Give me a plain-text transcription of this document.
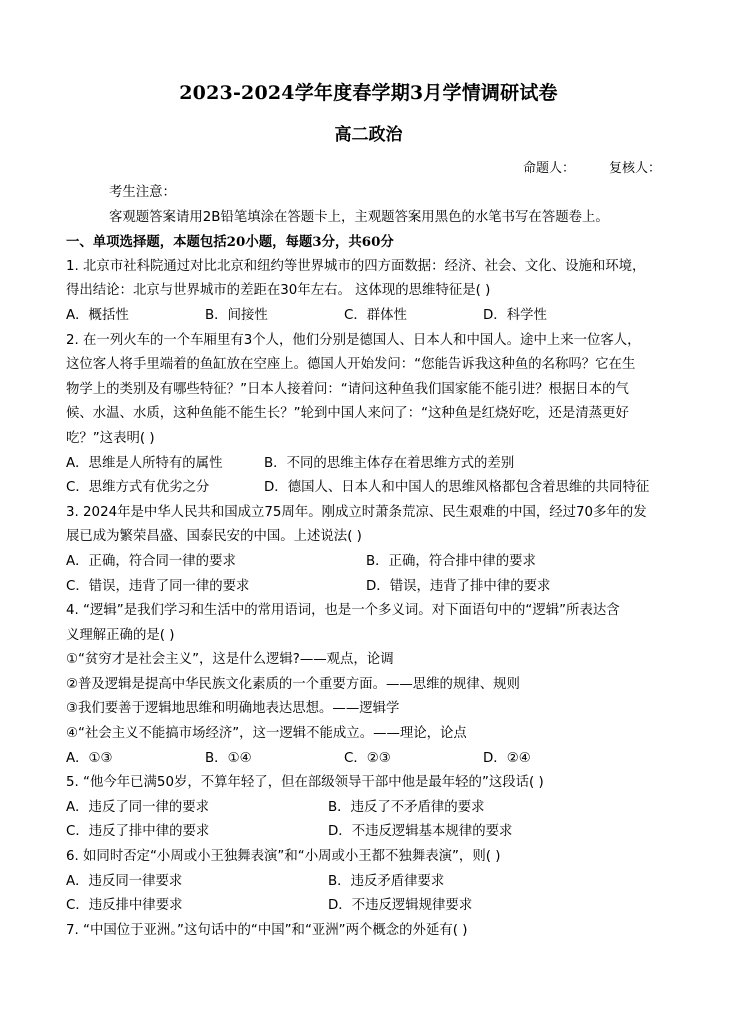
2023-2024学年度春学期3月学情调研试卷
高二政治
命题人：	复核人：
考生注意：
客观题答案请用2B铅笔填涂在答题卡上，主观题答案用黑色的水笔书写在答题卷上。
一、单项选择题，本题包括20小题，每题3分，共60分
1. 北京市社科院通过对比北京和纽约等世界城市的四方面数据：经济、社会、文化、设施和环境，
得出结论：北京与世界城市的差距在30年左右。 这体现的思维特征是( )
A．概括性	B．间接性	C．群体性	D．科学性
2. 在一列火车的一个车厢里有3个人，他们分别是德国人、日本人和中国人。途中上来一位客人，
这位客人将手里端着的鱼缸放在空座上。德国人开始发问：“您能告诉我这种鱼的名称吗？它在生
物学上的类别及有哪些特征？”日本人接着问：“请问这种鱼我们国家能不能引进？根据日本的气
候、水温、水质，这种鱼能不能生长？”轮到中国人来问了：“这种鱼是红烧好吃，还是清蒸更好
吃？”这表明( )
A．思维是人所特有的属性	B．不同的思维主体存在着思维方式的差别
C．思维方式有优劣之分	D．德国人、日本人和中国人的思维风格都包含着思维的共同特征
3. 2024年是中华人民共和国成立75周年。刚成立时萧条荒凉、民生艰难的中国，经过70多年的发
展已成为繁荣昌盛、国泰民安的中国。上述说法( )
A．正确，符合同一律的要求	B．正确，符合排中律的要求
C．错误，违背了同一律的要求	D．错误，违背了排中律的要求
4. “逻辑”是我们学习和生活中的常用语词，也是一个多义词。对下面语句中的“逻辑”所表达含
义理解正确的是( )
①“贫穷才是社会主义”，这是什么逻辑?——观点，论调
②普及逻辑是提高中华民族文化素质的一个重要方面。——思维的规律、规则
③我们要善于逻辑地思维和明确地表达思想。——逻辑学
④“社会主义不能搞市场经济”，这一逻辑不能成立。——理论，论点
A．①③	B．①④	C．②③	D．②④
5. “他今年已满50岁，不算年轻了，但在部级领导干部中他是最年轻的”这段话( )
A．违反了同一律的要求	B．违反了不矛盾律的要求
C．违反了排中律的要求	D．不违反逻辑基本规律的要求
6. 如同时否定“小周或小王独舞表演”和“小周或小王都不独舞表演”，则( )
A．违反同一律要求	B．违反矛盾律要求
C．违反排中律要求	D．不违反逻辑规律要求
7. “中国位于亚洲。”这句话中的“中国”和“亚洲”两个概念的外延有( )
